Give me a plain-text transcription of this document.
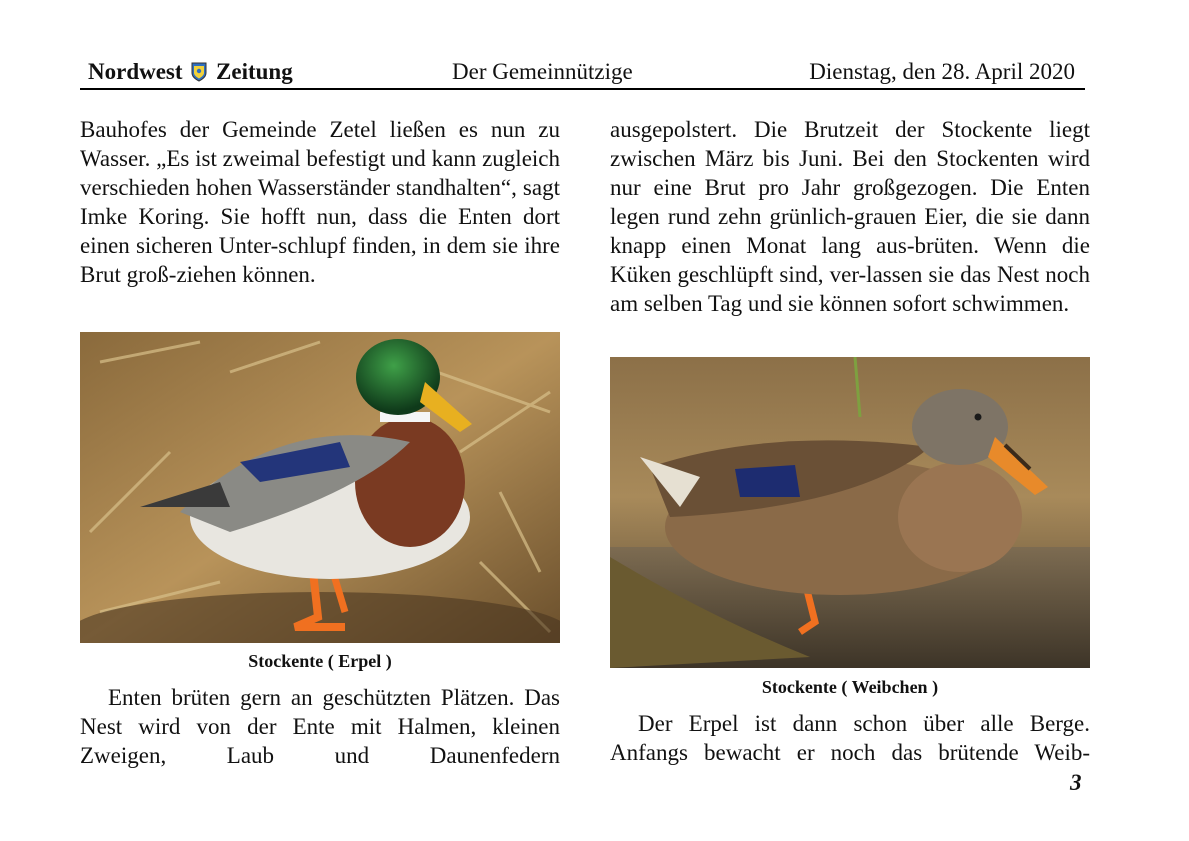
Nordwest Zeitung	Der Gemeinnützige	Dienstag, den 28. April 2020

Bauhofes der Gemeinde Zetel ließen es nun zu Wasser. „Es ist zweimal befestigt und kann zugleich verschieden hohen Wasserständer standhalten“, sagt Imke Koring. Sie hofft nun, dass die Enten dort einen sicheren Unter-schlupf finden, in dem sie ihre Brut groß-ziehen können.

Stockente ( Erpel )

Enten brüten gern an geschützten Plätzen. Das Nest wird von der Ente mit Halmen, kleinen Zweigen, Laub und Daunenfedern

ausgepolstert. Die Brutzeit der Stockente liegt zwischen März bis Juni. Bei den Stockenten wird nur eine Brut pro Jahr großgezogen. Die Enten legen rund zehn grünlich-grauen Eier, die sie dann knapp einen Monat lang aus-brüten. Wenn die Küken geschlüpft sind, ver-lassen sie das Nest noch am selben Tag und sie können sofort schwimmen.

Stockente ( Weibchen )

Der Erpel ist dann schon über alle Berge. Anfangs bewacht er noch das brütende Weib-

3
